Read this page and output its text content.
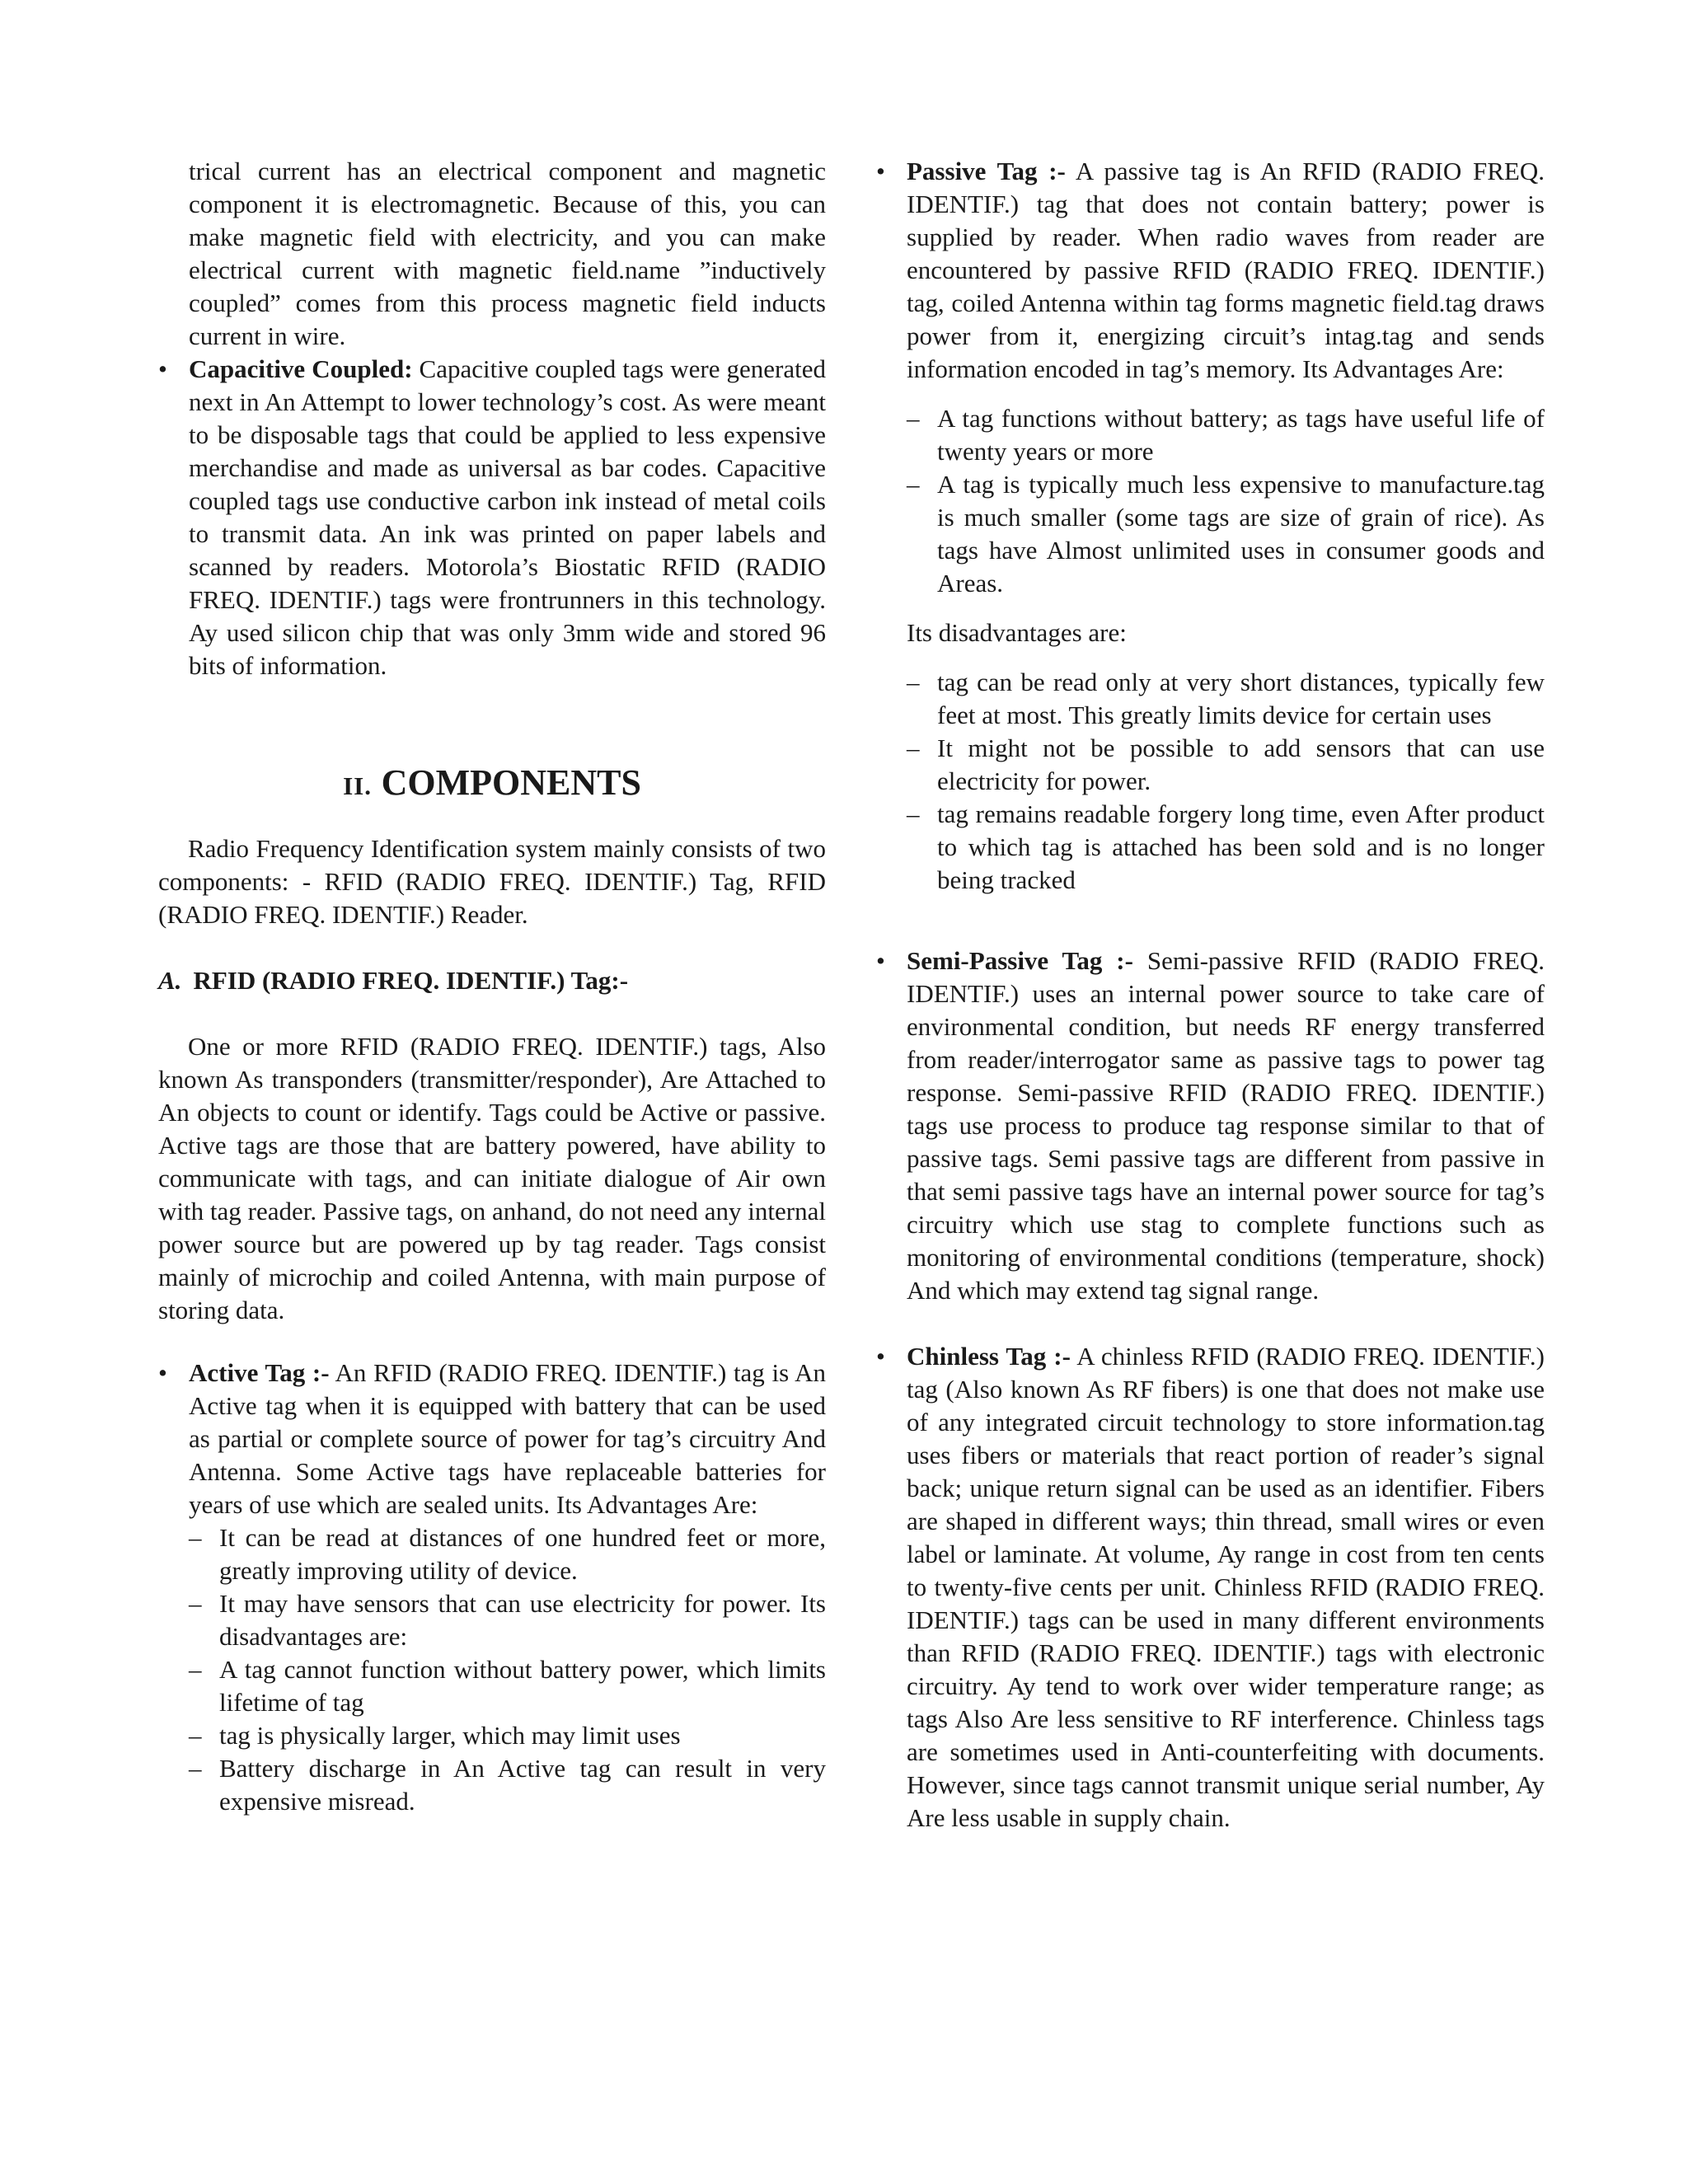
trical current has an electrical component and magnetic component it is electromagnetic. Because of this, you can make magnetic field with electricity, and you can make electrical current with magnetic field.name ”inductively coupled” comes from this process magnetic field inducts current in wire.

• Capacitive Coupled: Capacitive coupled tags were generated next in An Attempt to lower technology’s cost. As were meant to be disposable tags that could be applied to less expensive merchandise and made as universal as bar codes. Capacitive coupled tags use conductive carbon ink instead of metal coils to transmit data. An ink was printed on paper labels and scanned by readers. Motorola’s Biostatic RFID (RADIO FREQ. IDENTIF.) tags were frontrunners in this technology. Ay used silicon chip that was only 3mm wide and stored 96 bits of information.

II. COMPONENTS

Radio Frequency Identification system mainly consists of two components: - RFID (RADIO FREQ. IDENTIF.) Tag, RFID (RADIO FREQ. IDENTIF.) Reader.

A. RFID (RADIO FREQ. IDENTIF.) Tag:-

One or more RFID (RADIO FREQ. IDENTIF.) tags, Also known As transponders (transmitter/responder), Are Attached to An objects to count or identify. Tags could be Active or passive. Active tags are those that are battery powered, have ability to communicate with tags, and can initiate dialogue of Air own with tag reader. Passive tags, on anhand, do not need any internal power source but are powered up by tag reader. Tags consist mainly of microchip and coiled Antenna, with main purpose of storing data.

• Active Tag :- An RFID (RADIO FREQ. IDENTIF.) tag is An Active tag when it is equipped with battery that can be used as partial or complete source of power for tag’s circuitry And Antenna. Some Active tags have replaceable batteries for years of use which are sealed units. Its Advantages Are:

– It can be read at distances of one hundred feet or more, greatly improving utility of device.

– It may have sensors that can use electricity for power. Its disadvantages are:

– A tag cannot function without battery power, which limits lifetime of tag

– tag is physically larger, which may limit uses

– Battery discharge in An Active tag can result in very expensive misread.

• Passive Tag :- A passive tag is An RFID (RADIO FREQ. IDENTIF.) tag that does not contain battery; power is supplied by reader. When radio waves from reader are encountered by passive RFID (RADIO FREQ. IDENTIF.) tag, coiled Antenna within tag forms magnetic field.tag draws power from it, energizing circuit’s intag.tag and sends information encoded in tag’s memory. Its Advantages Are:

– A tag functions without battery; as tags have useful life of twenty years or more

– A tag is typically much less expensive to manufacture.tag is much smaller (some tags are size of grain of rice). As tags have Almost unlimited uses in consumer goods and Areas.

Its disadvantages are:

– tag can be read only at very short distances, typically few feet at most. This greatly limits device for certain uses

– It might not be possible to add sensors that can use electricity for power.

– tag remains readable forgery long time, even After product to which tag is attached has been sold and is no longer being tracked

• Semi-Passive Tag :- Semi-passive RFID (RADIO FREQ. IDENTIF.) uses an internal power source to take care of environmental condition, but needs RF energy transferred from reader/interrogator same as passive tags to power tag response. Semi-passive RFID (RADIO FREQ. IDENTIF.) tags use process to produce tag response similar to that of passive tags. Semi passive tags are different from passive in that semi passive tags have an internal power source for tag’s circuitry which use stag to complete functions such as monitoring of environmental conditions (temperature, shock) And which may extend tag signal range.

• Chinless Tag :- A chinless RFID (RADIO FREQ. IDENTIF.) tag (Also known As RF fibers) is one that does not make use of any integrated circuit technology to store information.tag uses fibers or materials that react portion of reader’s signal back; unique return signal can be used as an identifier. Fibers are shaped in different ways; thin thread, small wires or even label or laminate. At volume, Ay range in cost from ten cents to twenty-five cents per unit. Chinless RFID (RADIO FREQ. IDENTIF.) tags can be used in many different environments than RFID (RADIO FREQ. IDENTIF.) tags with electronic circuitry. Ay tend to work over wider temperature range; as tags Also Are less sensitive to RF interference. Chinless tags are sometimes used in Anti-counterfeiting with documents. However, since tags cannot transmit unique serial number, Ay Are less usable in supply chain.
